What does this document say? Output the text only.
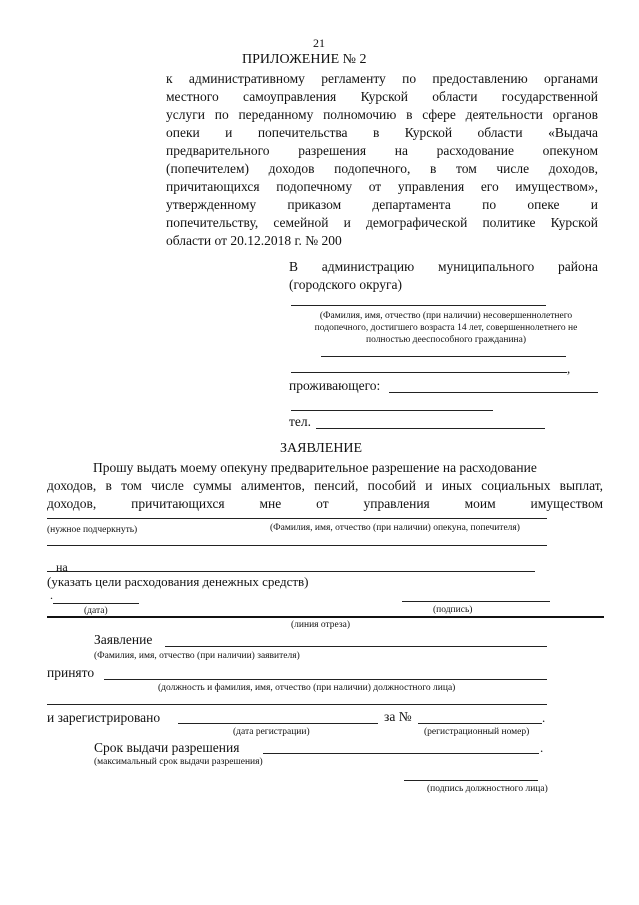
21
ПРИЛОЖЕНИЕ № 2
к административному регламенту по предоставлению органами
местного самоуправления Курской области государственной
услуги по переданному полномочию в сфере деятельности органов
опеки и попечительства в Курской области «Выдача
предварительного разрешения на расходование опекуном
(попечителем) доходов подопечного, в том числе доходов,
причитающихся подопечному от управления его имуществом»,
утвержденному приказом департамента по опеке и
попечительству, семейной и демографической политике Курской
области от 20.12.2018 г. № 200
В администрацию муниципального района
(городского округа)
(Фамилия, имя, отчество (при наличии) несовершеннолетнего
подопечного, достигшего возраста 14 лет, совершеннолетнего не
полностью дееспособного гражданина)
,
проживающего:
тел.
ЗАЯВЛЕНИЕ
Прошу выдать моему опекуну предварительное разрешение на расходование
доходов, в том числе суммы алиментов, пенсий, пособий и иных социальных выплат,
доходов, причитающихся мне от управления моим имуществом
(нужное подчеркнуть)	(Фамилия, имя, отчество (при наличии) опекуна, попечителя)
на
(указать цели расходования денежных средств)
.
(дата)	(подпись)
(линия отреза)
Заявление
(Фамилия, имя, отчество (при наличии) заявителя)
принято
(должность и фамилия, имя, отчество (при наличии) должностного лица)
и зарегистрировано	за №	.
(дата регистрации)	(регистрационный номер)
Срок выдачи разрешения	.
(максимальный срок выдачи разрешения)
(подпись должностного лица)
